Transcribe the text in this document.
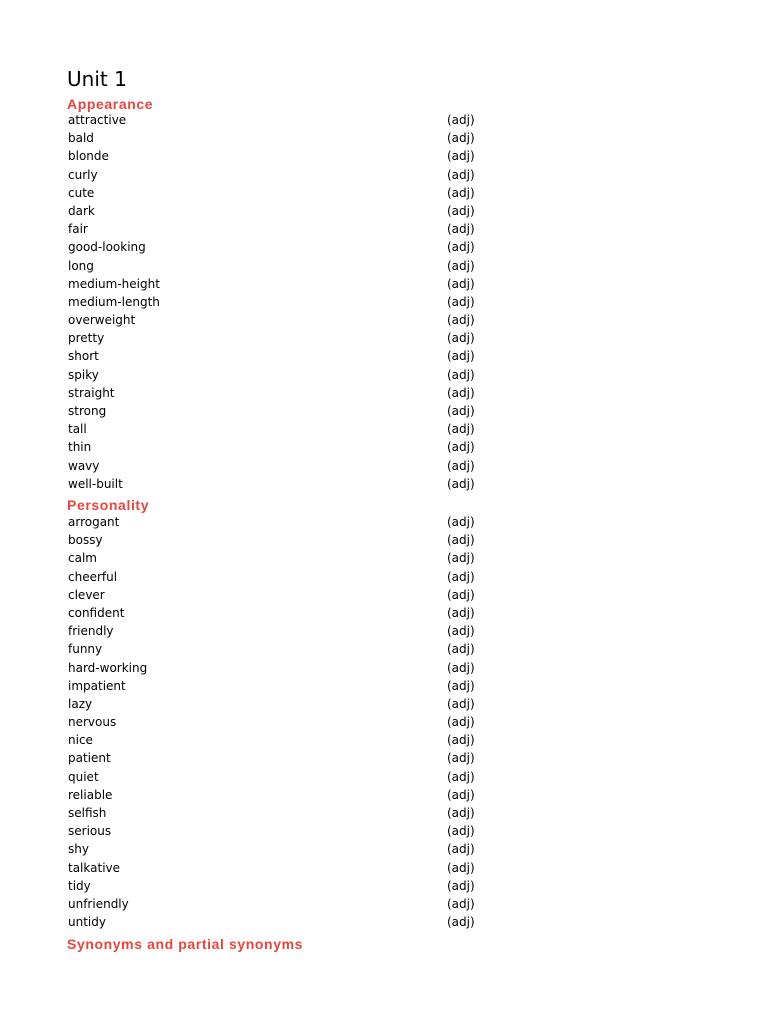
Unit 1
Appearance
attractive	(adj)
bald	(adj)
blonde	(adj)
curly	(adj)
cute	(adj)
dark	(adj)
fair	(adj)
good-looking	(adj)
long	(adj)
medium-height	(adj)
medium-length	(adj)
overweight	(adj)
pretty	(adj)
short	(adj)
spiky	(adj)
straight	(adj)
strong	(adj)
tall	(adj)
thin	(adj)
wavy	(adj)
well-built	(adj)
Personality
arrogant	(adj)
bossy	(adj)
calm	(adj)
cheerful	(adj)
clever	(adj)
confident	(adj)
friendly	(adj)
funny	(adj)
hard-working	(adj)
impatient	(adj)
lazy	(adj)
nervous	(adj)
nice	(adj)
patient	(adj)
quiet	(adj)
reliable	(adj)
selfish	(adj)
serious	(adj)
shy	(adj)
talkative	(adj)
tidy	(adj)
unfriendly	(adj)
untidy	(adj)
Synonyms and partial synonyms
